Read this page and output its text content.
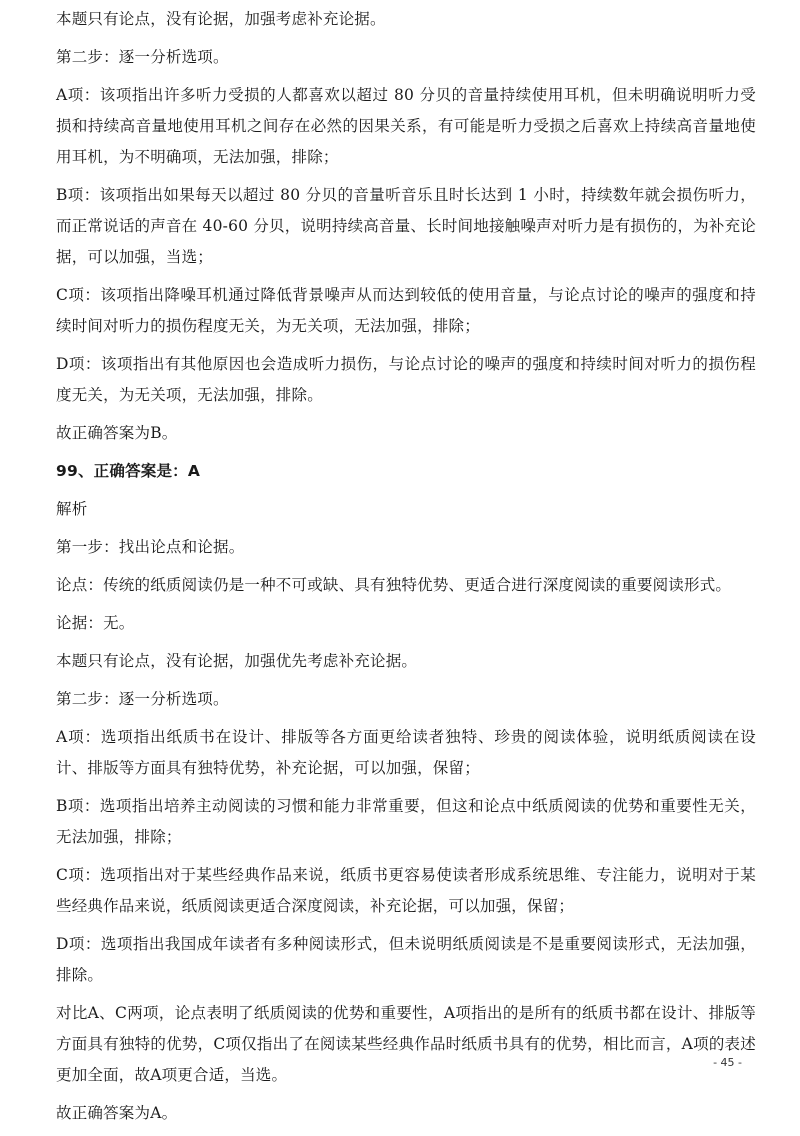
本题只有论点，没有论据，加强考虑补充论据。

第二步：逐一分析选项。

A项：该项指出许多听力受损的人都喜欢以超过 80 分贝的音量持续使用耳机，但未明确说明听力受损和持续高音量地使用耳机之间存在必然的因果关系，有可能是听力受损之后喜欢上持续高音量地使用耳机，为不明确项，无法加强，排除；

B项：该项指出如果每天以超过 80 分贝的音量听音乐且时长达到 1 小时，持续数年就会损伤听力，而正常说话的声音在 40-60 分贝，说明持续高音量、长时间地接触噪声对听力是有损伤的，为补充论据，可以加强，当选；

C项：该项指出降噪耳机通过降低背景噪声从而达到较低的使用音量，与论点讨论的噪声的强度和持续时间对听力的损伤程度无关，为无关项，无法加强，排除；

D项：该项指出有其他原因也会造成听力损伤，与论点讨论的噪声的强度和持续时间对听力的损伤程度无关，为无关项，无法加强，排除。

故正确答案为B。

99、正确答案是：A

解析

第一步：找出论点和论据。

论点：传统的纸质阅读仍是一种不可或缺、具有独特优势、更适合进行深度阅读的重要阅读形式。

论据：无。

本题只有论点，没有论据，加强优先考虑补充论据。

第二步：逐一分析选项。

A项：选项指出纸质书在设计、排版等各方面更给读者独特、珍贵的阅读体验，说明纸质阅读在设计、排版等方面具有独特优势，补充论据，可以加强，保留；

B项：选项指出培养主动阅读的习惯和能力非常重要，但这和论点中纸质阅读的优势和重要性无关，无法加强，排除；

C项：选项指出对于某些经典作品来说，纸质书更容易使读者形成系统思维、专注能力，说明对于某些经典作品来说，纸质阅读更适合深度阅读，补充论据，可以加强，保留；

D项：选项指出我国成年读者有多种阅读形式，但未说明纸质阅读是不是重要阅读形式，无法加强，排除。

对比A、C两项，论点表明了纸质阅读的优势和重要性，A项指出的是所有的纸质书都在设计、排版等方面具有独特的优势，C项仅指出了在阅读某些经典作品时纸质书具有的优势，相比而言，A项的表述更加全面，故A项更合适，当选。

故正确答案为A。

- 45 -
